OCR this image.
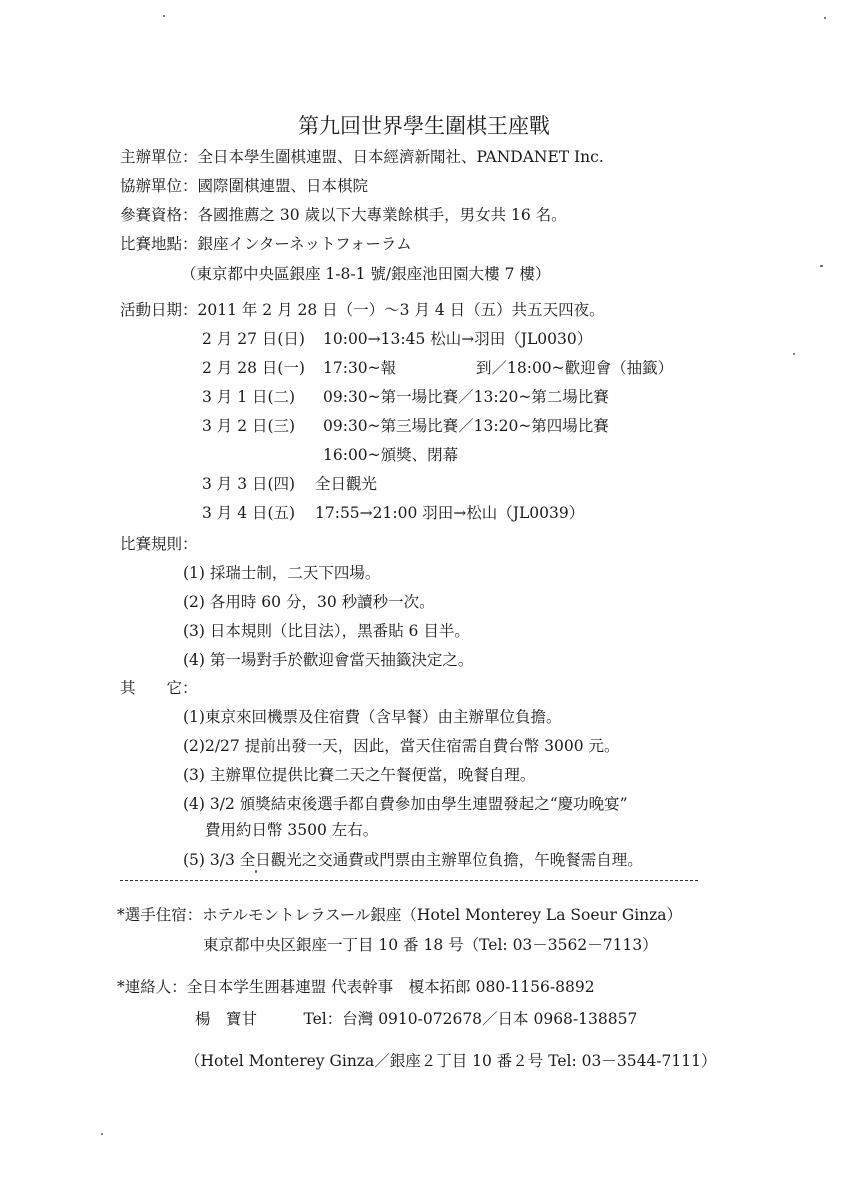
第九回世界學生圍棋王座戰
主辦單位：全日本學生圍棋連盟、日本經濟新聞社、PANDANET Inc.
協辦單位：國際圍棋連盟、日本棋院
參賽資格：各國推薦之 30 歲以下大專業餘棋手，男女共 16 名。
比賽地點：銀座インターネットフォーラム
（東京都中央區銀座 1-8-1 號/銀座池田園大樓 7 樓）
活動日期：2011 年 2 月 28 日（一）～3 月 4 日（五）共五天四夜。
2 月 27 日(日) 10:00→13:45 松山→羽田（JL0030）
2 月 28 日(一) 17:30~報	到／18:00~歡迎會（抽籤）
3 月 1 日(二) 09:30~第一場比賽／13:20~第二場比賽
3 月 2 日(三) 09:30~第三場比賽／13:20~第四場比賽
16:00~頒獎、閉幕
3 月 3 日(四) 全日觀光
3 月 4 日(五) 17:55→21:00 羽田→松山（JL0039）
比賽規則：
(1) 採瑞士制，二天下四場。
(2) 各用時 60 分，30 秒讀秒一次。
(3) 日本規則（比目法），黑番貼 6 目半。
(4) 第一場對手於歡迎會當天抽籤決定之。
其　　它：
(1)東京來回機票及住宿費（含早餐）由主辦單位負擔。
(2)2/27 提前出發一天，因此，當天住宿需自費台幣 3000 元。
(3) 主辦單位提供比賽二天之午餐便當，晚餐自理。
(4) 3/2 頒獎結束後選手都自費參加由學生連盟發起之“慶功晚宴”
費用約日幣 3500 左右。
(5) 3/3 全日觀光之交通費或門票由主辦單位負擔，午晚餐需自理。
*選手住宿：ホテルモントレラスール銀座（Hotel Monterey La Soeur Ginza）
東京都中央区銀座一丁目 10 番 18 号（Tel: 03－3562－7113）
*連絡人：全日本学生囲碁連盟 代表幹事　榎本拓郎 080-1156-8892
楊　寶甘　　　Tel：台灣 0910-072678／日本 0968-138857
（Hotel Monterey Ginza／銀座２丁目 10 番２号 Tel: 03－3544-7111）
